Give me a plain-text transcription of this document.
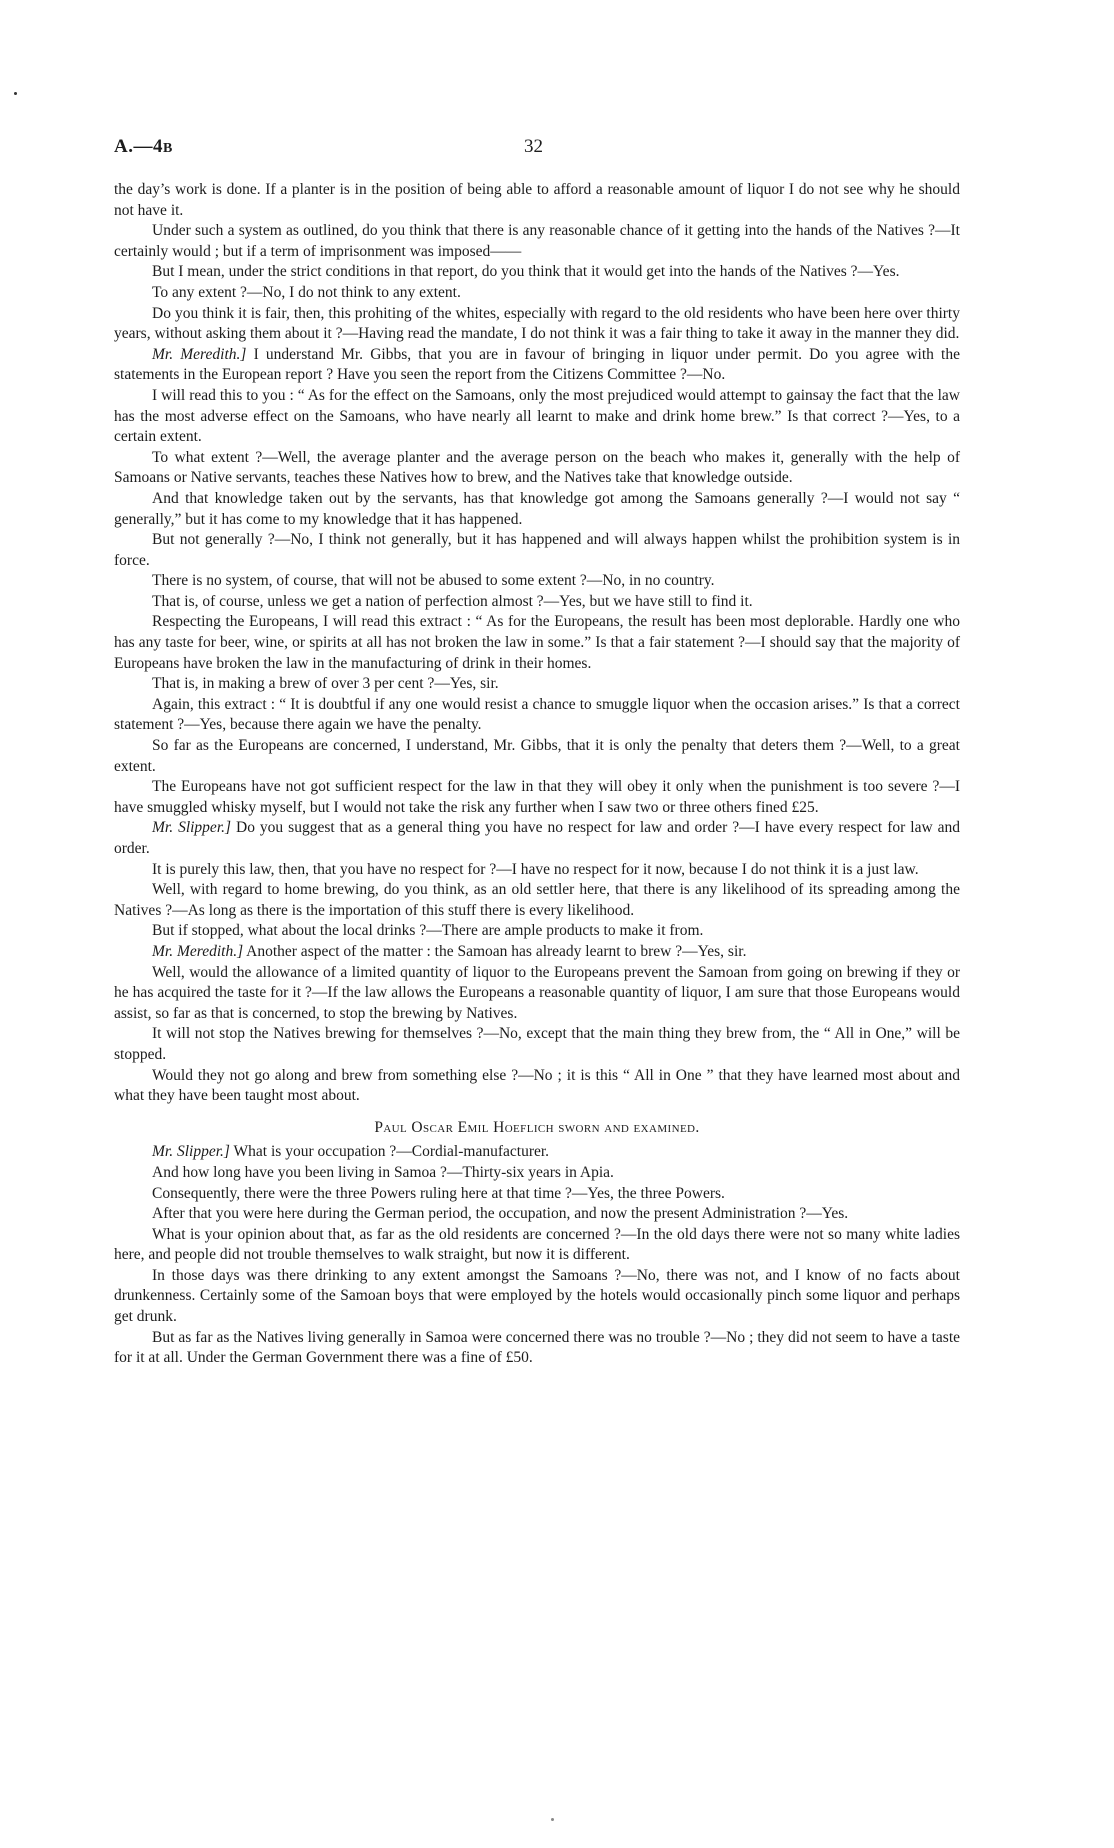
A.—4B	32

the day’s work is done. If a planter is in the position of being able to afford a reasonable amount of liquor I do not see why he should not have it.

Under such a system as outlined, do you think that there is any reasonable chance of it getting into the hands of the Natives ?—It certainly would ; but if a term of imprisonment was imposed——

But I mean, under the strict conditions in that report, do you think that it would get into the hands of the Natives ?—Yes.

To any extent ?—No, I do not think to any extent.

Do you think it is fair, then, this prohiting of the whites, especially with regard to the old residents who have been here over thirty years, without asking them about it ?—Having read the mandate, I do not think it was a fair thing to take it away in the manner they did.

Mr. Meredith.] I understand Mr. Gibbs, that you are in favour of bringing in liquor under permit. Do you agree with the statements in the European report ? Have you seen the report from the Citizens Committee ?—No.

I will read this to you : “ As for the effect on the Samoans, only the most prejudiced would attempt to gainsay the fact that the law has the most adverse effect on the Samoans, who have nearly all learnt to make and drink home brew.” Is that correct ?—Yes, to a certain extent.

To what extent ?—Well, the average planter and the average person on the beach who makes it, generally with the help of Samoans or Native servants, teaches these Natives how to brew, and the Natives take that knowledge outside.

And that knowledge taken out by the servants, has that knowledge got among the Samoans generally ?—I would not say “ generally,” but it has come to my knowledge that it has happened.

But not generally ?—No, I think not generally, but it has happened and will always happen whilst the prohibition system is in force.

There is no system, of course, that will not be abused to some extent ?—No, in no country.

That is, of course, unless we get a nation of perfection almost ?—Yes, but we have still to find it.

Respecting the Europeans, I will read this extract : “ As for the Europeans, the result has been most deplorable. Hardly one who has any taste for beer, wine, or spirits at all has not broken the law in some.” Is that a fair statement ?—I should say that the majority of Europeans have broken the law in the manufacturing of drink in their homes.

That is, in making a brew of over 3 per cent ?—Yes, sir.

Again, this extract : “ It is doubtful if any one would resist a chance to smuggle liquor when the occasion arises.” Is that a correct statement ?—Yes, because there again we have the penalty.

So far as the Europeans are concerned, I understand, Mr. Gibbs, that it is only the penalty that deters them ?—Well, to a great extent.

The Europeans have not got sufficient respect for the law in that they will obey it only when the punishment is too severe ?—I have smuggled whisky myself, but I would not take the risk any further when I saw two or three others fined £25.

Mr. Slipper.] Do you suggest that as a general thing you have no respect for law and order ?—I have every respect for law and order.

It is purely this law, then, that you have no respect for ?—I have no respect for it now, because I do not think it is a just law.

Well, with regard to home brewing, do you think, as an old settler here, that there is any likelihood of its spreading among the Natives ?—As long as there is the importation of this stuff there is every likelihood.

But if stopped, what about the local drinks ?—There are ample products to make it from.

Mr. Meredith.] Another aspect of the matter : the Samoan has already learnt to brew ?—Yes, sir.

Well, would the allowance of a limited quantity of liquor to the Europeans prevent the Samoan from going on brewing if they or he has acquired the taste for it ?—If the law allows the Europeans a reasonable quantity of liquor, I am sure that those Europeans would assist, so far as that is concerned, to stop the brewing by Natives.

It will not stop the Natives brewing for themselves ?—No, except that the main thing they brew from, the “ All in One,” will be stopped.

Would they not go along and brew from something else ?—No ; it is this “ All in One ” that they have learned most about and what they have been taught most about.

Paul Oscar Emil Hoeflich sworn and examined.

Mr. Slipper.] What is your occupation ?—Cordial-manufacturer.

And how long have you been living in Samoa ?—Thirty-six years in Apia.

Consequently, there were the three Powers ruling here at that time ?—Yes, the three Powers.

After that you were here during the German period, the occupation, and now the present Administration ?—Yes.

What is your opinion about that, as far as the old residents are concerned ?—In the old days there were not so many white ladies here, and people did not trouble themselves to walk straight, but now it is different.

In those days was there drinking to any extent amongst the Samoans ?—No, there was not, and I know of no facts about drunkenness. Certainly some of the Samoan boys that were employed by the hotels would occasionally pinch some liquor and perhaps get drunk.

But as far as the Natives living generally in Samoa were concerned there was no trouble ?—No ; they did not seem to have a taste for it at all. Under the German Government there was a fine of £50.
